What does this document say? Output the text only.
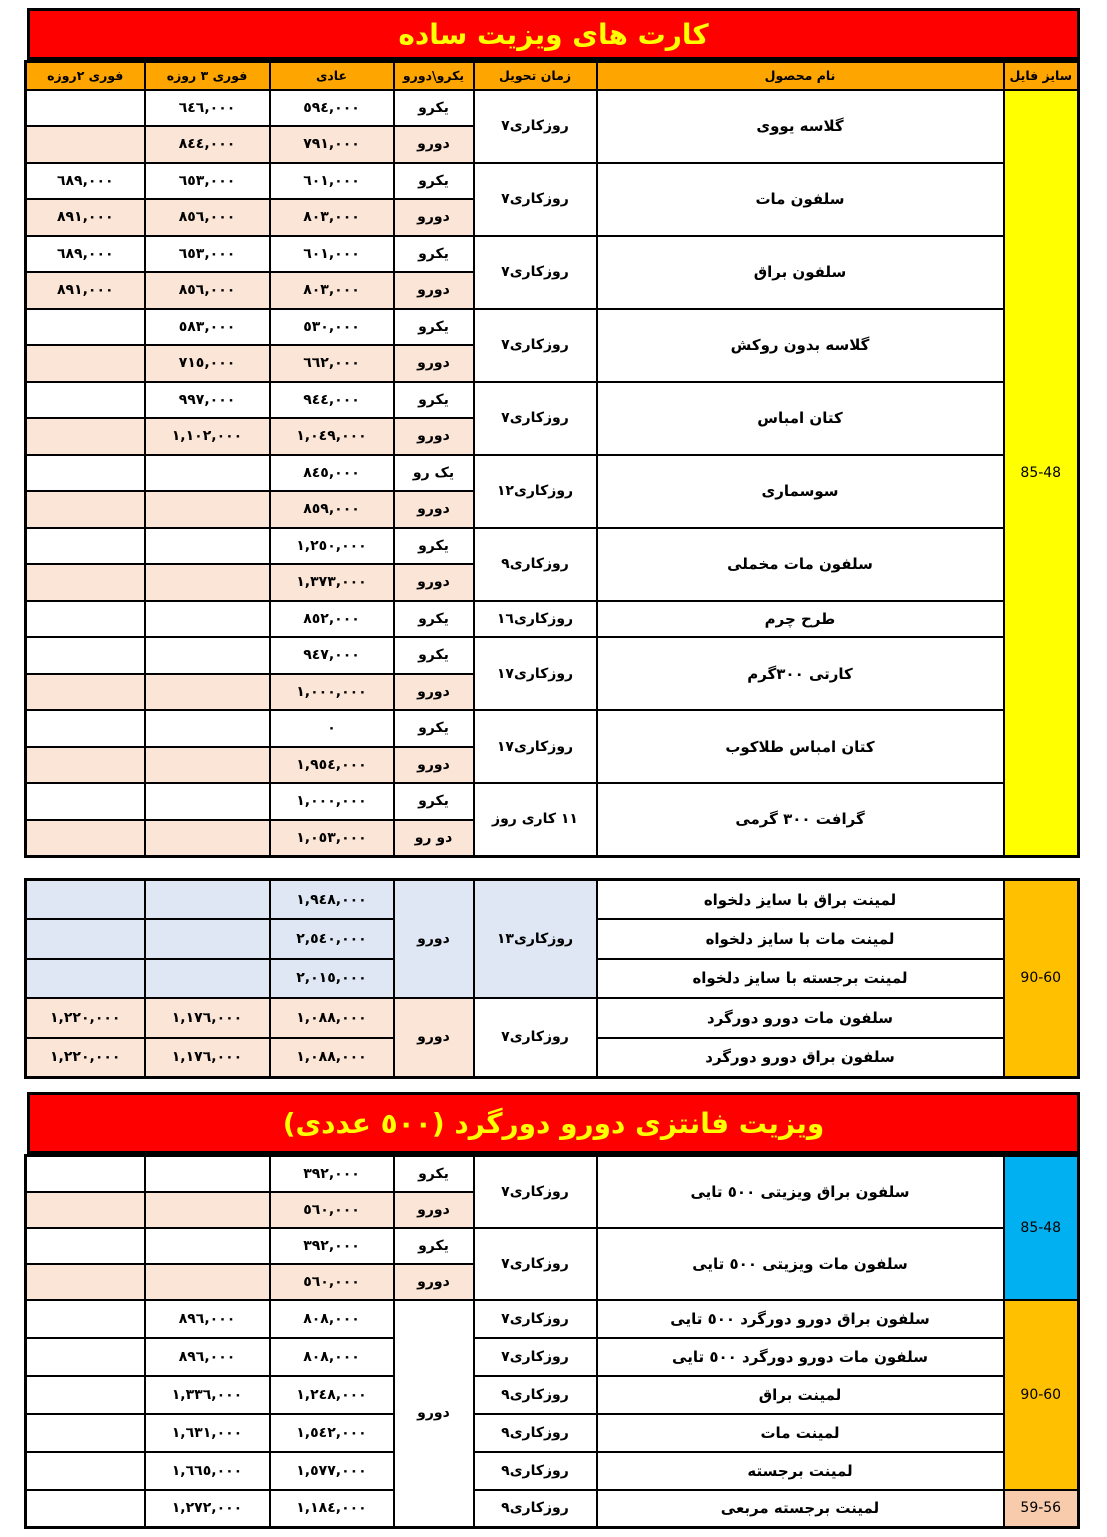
کارت های ویزیت ساده
سایز فایل	نام محصول	زمان تحویل	یکرو\دورو	عادی	فوری ٣ روزه	فوری ٢روزه
85-48	گلاسه یووی	روزکاری٧	یکرو	٥٩٤,٠٠٠	٦٤٦,٠٠٠	
			دورو	٧٩١,٠٠٠	٨٤٤,٠٠٠	
	سلفون مات	روزکاری٧	یکرو	٦٠١,٠٠٠	٦٥٣,٠٠٠	٦٨٩,٠٠٠
			دورو	٨٠٣,٠٠٠	٨٥٦,٠٠٠	٨٩١,٠٠٠
	سلفون براق	روزکاری٧	یکرو	٦٠١,٠٠٠	٦٥٣,٠٠٠	٦٨٩,٠٠٠
			دورو	٨٠٣,٠٠٠	٨٥٦,٠٠٠	٨٩١,٠٠٠
	گلاسه بدون روکش	روزکاری٧	یکرو	٥٣٠,٠٠٠	٥٨٣,٠٠٠	
			دورو	٦٦٢,٠٠٠	٧١٥,٠٠٠	
	کتان امباس	روزکاری٧	یکرو	٩٤٤,٠٠٠	٩٩٧,٠٠٠	
			دورو	١,٠٤٩,٠٠٠	١,١٠٢,٠٠٠	
	سوسماری	روزکاری١٢	یک رو	٨٤٥,٠٠٠		
			دورو	٨٥٩,٠٠٠		
	سلفون مات مخملی	روزکاری٩	یکرو	١,٢٥٠,٠٠٠		
			دورو	١,٣٧٣,٠٠٠		
	طرح چرم	روزکاری١٦	یکرو	٨٥٢,٠٠٠		
	کارتی ٣٠٠گرم	روزکاری١٧	یکرو	٩٤٧,٠٠٠		
			دورو	١,٠٠٠,٠٠٠		
	کتان امباس طلاکوب	روزکاری١٧	یکرو	٠		
			دورو	١,٩٥٤,٠٠٠		
	گرافت ٣٠٠ گرمی	١١ کاری روز	یکرو	١,٠٠٠,٠٠٠		
			دو رو	١,٠٥٣,٠٠٠		
90-60	لمینت براق با سایز دلخواه	روزکاری١٣	دورو	١,٩٤٨,٠٠٠		
	لمینت مات با سایز دلخواه			٢,٥٤٠,٠٠٠		
	لمینت برجسته با سایز دلخواه			٢,٠١٥,٠٠٠		
	سلفون مات دورو دورگرد	روزکاری٧	دورو	١,٠٨٨,٠٠٠	١,١٧٦,٠٠٠	١,٢٢٠,٠٠٠
	سلفون براق دورو دورگرد			١,٠٨٨,٠٠٠	١,١٧٦,٠٠٠	١,٢٢٠,٠٠٠
ویزیت فانتزی دورو دورگرد (٥٠٠ عددی)
85-48	سلفون براق ویزیتی ٥٠٠ تایی	روزکاری٧	یکرو	٣٩٢,٠٠٠		
			دورو	٥٦٠,٠٠٠		
	سلفون مات ویزیتی ٥٠٠ تایی	روزکاری٧	یکرو	٣٩٢,٠٠٠		
			دورو	٥٦٠,٠٠٠		
90-60	سلفون براق دورو دورگرد ٥٠٠ تایی	روزکاری٧	دورو	٨٠٨,٠٠٠	٨٩٦,٠٠٠	
	سلفون مات دورو دورگرد ٥٠٠ تایی	روزکاری٧		٨٠٨,٠٠٠	٨٩٦,٠٠٠	
	لمینت براق	روزکاری٩		١,٢٤٨,٠٠٠	١,٣٣٦,٠٠٠	
	لمینت مات	روزکاری٩		١,٥٤٢,٠٠٠	١,٦٣١,٠٠٠	
	لمینت برجسته	روزکاری٩		١,٥٧٧,٠٠٠	١,٦٦٥,٠٠٠	
59-56	لمینت برجسته مربعی	روزکاری٩		١,١٨٤,٠٠٠	١,٢٧٢,٠٠٠	
